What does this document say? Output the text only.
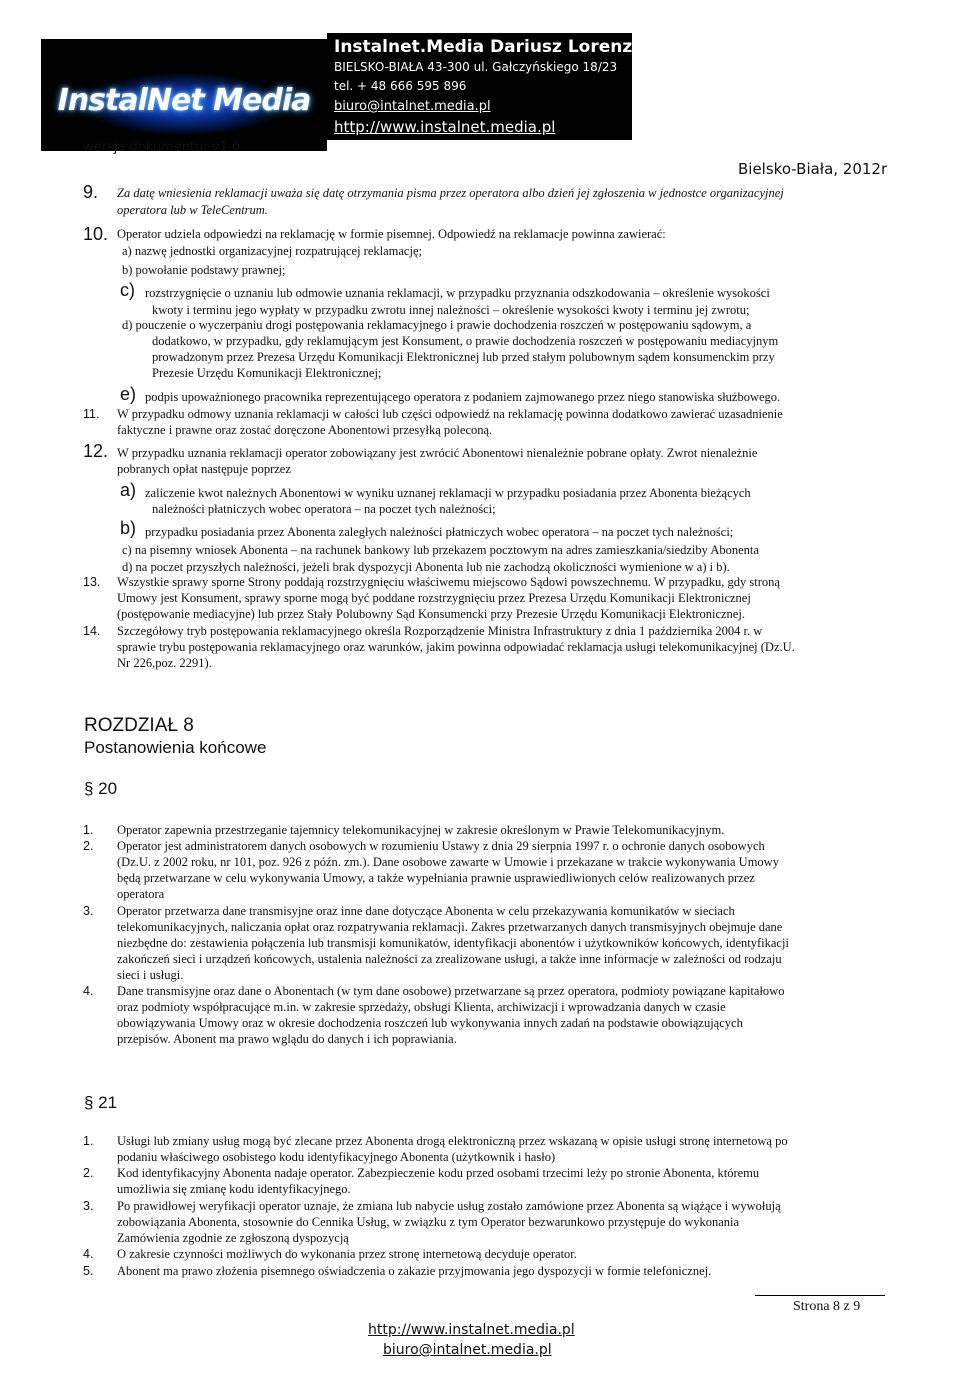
InstalNet Media
Instalnet.Media Dariusz Lorenz
BIELSKO-BIAŁA 43-300 ul. Gałczyńskiego 18/23
tel. + 48 666 595 896
biuro@intalnet.media.pl
http://www.instalnet.media.pl
wersja dokumentu: v1.0
Bielsko-Biała, 2012r
9. Za datę wniesienia reklamacji uważa się datę otrzymania pisma przez operatora albo dzień jej zgłoszenia w jednostce organizacyjnej
operatora lub w TeleCentrum.
10. Operator udziela odpowiedzi na reklamację w formie pisemnej. Odpowiedź na reklamacje powinna zawierać:
a) nazwę jednostki organizacyjnej rozpatrującej reklamację;
b) powołanie podstawy prawnej;
c) rozstrzygnięcie o uznaniu lub odmowie uznania reklamacji, w przypadku przyznania odszkodowania – określenie wysokości
kwoty i terminu jego wypłaty w przypadku zwrotu innej należności – określenie wysokości kwoty i terminu jej zwrotu;
d) pouczenie o wyczerpaniu drogi postępowania reklamacyjnego i prawie dochodzenia roszczeń w postępowaniu sądowym, a
dodatkowo, w przypadku, gdy reklamującym jest Konsument, o prawie dochodzenia roszczeń w postępowaniu mediacyjnym
prowadzonym przez Prezesa Urzędu Komunikacji Elektronicznej lub przed stałym polubownym sądem konsumenckim przy
Prezesie Urzędu Komunikacji Elektronicznej;
e) podpis upoważnionego pracownika reprezentującego operatora z podaniem zajmowanego przez niego stanowiska służbowego.
11. W przypadku odmowy uznania reklamacji w całości lub części odpowiedź na reklamację powinna dodatkowo zawierać uzasadnienie
faktyczne i prawne oraz zostać doręczone Abonentowi przesyłką poleconą.
12. W przypadku uznania reklamacji operator zobowiązany jest zwrócić Abonentowi nienależnie pobrane opłaty. Zwrot nienależnie
pobranych opłat następuje poprzez
a) zaliczenie kwot należnych Abonentowi w wyniku uznanej reklamacji w przypadku posiadania przez Abonenta bieżących
należności płatniczych wobec operatora – na poczet tych należności;
b) przypadku posiadania przez Abonenta zaległych należności płatniczych wobec operatora – na poczet tych należności;
c) na pisemny wniosek Abonenta – na rachunek bankowy lub przekazem pocztowym na adres zamieszkania/siedziby Abonenta
d) na poczet przyszłych należności, jeżeli brak dyspozycji Abonenta lub nie zachodzą okoliczności wymienione w a) i b).
13. Wszystkie sprawy sporne Strony poddają rozstrzygnięciu właściwemu miejscowo Sądowi powszechnemu. W przypadku, gdy stroną
Umowy jest Konsument, sprawy sporne mogą być poddane rozstrzygnięciu przez Prezesa Urzędu Komunikacji Elektronicznej
(postępowanie mediacyjne) lub przez Stały Polubowny Sąd Konsumencki przy Prezesie Urzędu Komunikacji Elektronicznej.
14. Szczegółowy tryb postępowania reklamacyjnego określa Rozporządzenie Ministra Infrastruktury z dnia 1 października 2004 r. w
sprawie trybu postępowania reklamacyjnego oraz warunków, jakim powinna odpowiadać reklamacja usługi telekomunikacyjnej (Dz.U.
Nr 226,poz. 2291).
ROZDZIAŁ 8
Postanowienia końcowe
§ 20
1. Operator zapewnia przestrzeganie tajemnicy telekomunikacyjnej w zakresie określonym w Prawie Telekomunikacyjnym.
2. Operator jest administratorem danych osobowych w rozumieniu Ustawy z dnia 29 sierpnia 1997 r. o ochronie danych osobowych
(Dz.U. z 2002 roku, nr 101, poz. 926 z późn. zm.). Dane osobowe zawarte w Umowie i przekazane w trakcie wykonywania Umowy
będą przetwarzane w celu wykonywania Umowy, a także wypełniania prawnie usprawiedliwionych celów realizowanych przez
operatora
3. Operator przetwarza dane transmisyjne oraz inne dane dotyczące Abonenta w celu przekazywania komunikatów w sieciach
telekomunikacyjnych, naliczania opłat oraz rozpatrywania reklamacji. Zakres przetwarzanych danych transmisyjnych obejmuje dane
niezbędne do: zestawienia połączenia lub transmisji komunikatów, identyfikacji abonentów i użytkowników końcowych, identyfikacji
zakończeń sieci i urządzeń końcowych, ustalenia należności za zrealizowane usługi, a także inne informacje w zależności od rodzaju
sieci i usługi.
4. Dane transmisyjne oraz dane o Abonentach (w tym dane osobowe) przetwarzane są przez operatora, podmioty powiązane kapitałowo
oraz podmioty współpracujące m.in. w zakresie sprzedaży, obsługi Klienta, archiwizacji i wprowadzania danych w czasie
obowiązywania Umowy oraz w okresie dochodzenia roszczeń lub wykonywania innych zadań na podstawie obowiązujących
przepisów. Abonent ma prawo wglądu do danych i ich poprawiania.
§ 21
1. Usługi lub zmiany usług mogą być zlecane przez Abonenta drogą elektroniczną przez wskazaną w opisie usługi stronę internetową po
podaniu właściwego osobistego kodu identyfikacyjnego Abonenta (użytkownik i hasło)
2. Kod identyfikacyjny Abonenta nadaje operator. Zabezpieczenie kodu przed osobami trzecimi leży po stronie Abonenta, któremu
umożliwia się zmianę kodu identyfikacyjnego.
3. Po prawidłowej weryfikacji operator uznaje, że zmiana lub nabycie usług zostało zamówione przez Abonenta są wiążące i wywołują
zobowiązania Abonenta, stosownie do Cennika Usług, w związku z tym Operator bezwarunkowo przystępuje do wykonania
Zamówienia zgodnie ze zgłoszoną dyspozycją
4. O zakresie czynności możliwych do wykonania przez stronę internetową decyduje operator.
5. Abonent ma prawo złożenia pisemnego oświadczenia o zakazie przyjmowania jego dyspozycji w formie telefonicznej.
Strona 8 z 9
http://www.instalnet.media.pl
biuro@intalnet.media.pl
